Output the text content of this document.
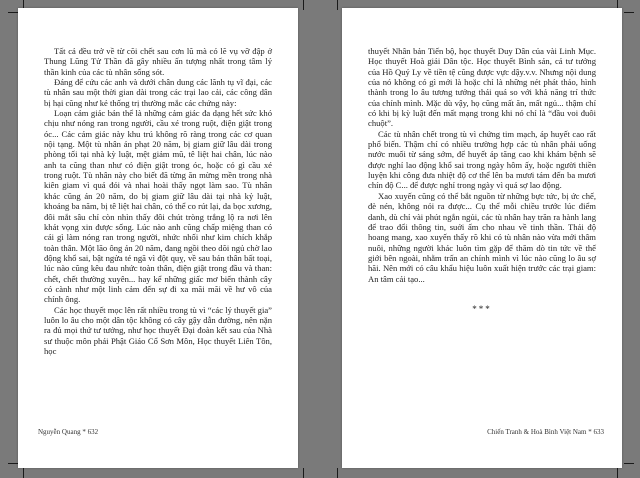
Tất cả đều trở về từ cõi chết sau cơn lũ mà có lẽ vụ vỡ đập ở Thung Lũng Tử Thần đã gây nhiều ấn tượng nhất trong tâm lý thần kinh của các tù nhân sống sót.

Đáng để cứu các anh và dưới chân dung các lãnh tụ vĩ đại, các tù nhân sau một thời gian dài trong các trại lao cải, các công dân bị hại cũng như kẻ thống trị thường mắc các chứng này:

Loạn cảm giác bản thể là những cảm giác đa dạng hết sức khó chịu như nóng ran trong người, cầu xé trong ruột, điện giật trong óc... Các cảm giác này khu trú không rõ ràng trong các cơ quan nội tạng. Một tù nhân án phạt 20 năm, bị giam giữ lâu dài trong phòng tối tại nhà kỳ luật, mệt giảm mũ, tê liệt hai chân, lúc nào anh ta cũng than như có điện giật trong óc, hoặc có gì cầu xé trong ruột. Tù nhân này cho biết đã từng ăn mừng mền trong nhà kiên giam vì quá đói và nhai hoài thấy ngọt làm sao. Tù nhân khác cũng án 20 năm, do bị giam giữ lâu dài tại nhà kỷ luật, khoảng ba năm, bị tê liệt hai chân, có thể co rút lại, da bọc xương, đôi mắt sâu chỉ còn nhìn thấy đôi chút tròng trắng lộ ra nơi lên khát vọng xin được sống. Lúc nào anh cũng chấp miệng than có cái gì làm nóng ran trong người, nhức nhối như kim chích khắp toàn thân. Một lão ông án 20 năm, đang ngồi theo dõi ngủ chờ lao động khổ sai, bật ngửa té ngã vì đột quỵ, về sau bán thân bất toại, lúc nào cũng kêu đau nhức toàn thân, điện giật trong đầu và than: chết, chết thường xuyên... hay kể những giấc mơ biến thành cây có cành như một linh cảm đến sự đi xa mãi mãi về hư vô của chính ông.

Các học thuyết mọc lên rất nhiều trong tù vì “các lý thuyết gia” luôn lo âu cho một dân tộc không có cây gậy dẫn đường, nên nặn ra đủ mọi thứ tư tưởng, như học thuyết Đại đoàn kết sau của Nhà sư thuộc môn phái Phật Giáo Cổ Sơn Môn, Học thuyết Liên Tôn, học

Nguyễn Quang * 632

thuyết Nhân bản Tiến bộ, học thuyết Duy Dân của vài Linh Mục. Học thuyết Hoà giải Dân tộc. Học thuyết Bình sản, cả tư tưởng của Hồ Quý Ly về tiền tệ cũng được vực dậy.v.v. Nhưng nội dung của nó không có gì mới là hoặc chỉ là những nét phát thảo, hình thành trong lo âu tương tưởng thái quá so với khả năng trí thức của chính mình. Mặc dù vậy, họ cũng mất ăn, mất ngủ... thậm chí có khi bị kỳ luật đến mất mạng trong khi nó chỉ là “đầu voi đuôi chuột”.

Các tù nhân chết trong tù vì chứng tim mạch, áp huyết cao rất phổ biến. Thậm chí có nhiều trường hợp các tù nhân phải uống nước muối từ sáng sớm, để huyết áp tăng cao khi khám bệnh sẽ được nghỉ lao động khổ sai trong ngày hôm ấy, hoặc người thiền luyện khi công đưa nhiệt độ cơ thể lên ba mươi tám đến ba mươi chín độ C... để được nghỉ trong ngày vì quá sợ lao động.

Xao xuyến cũng có thể bắt nguồn từ những bực tức, bị ức chế, đè nén, không nói ra được... Cụ thể mỗi chiều trước lúc điểm danh, dù chỉ vài phút ngắn ngủi, các tù nhân hay trăn ra hành lang để trao đổi thông tin, suởi ấm cho nhau về tinh thần. Thái độ hoang mang, xao xuyến thấy rõ khi có tù nhân nào vừa mới thâm nuôi, những người khác luôn tìm gặp để thăm dò tin tức về thế giới bên ngoài, nhằm trấn an chính mình vì lúc nào cũng lo âu sợ hãi. Nên mới có câu khẩu hiệu luôn xuất hiện trước các trại giam: An tâm cải tạo...

***
Chiến Tranh & Hoà Bình Việt Nam * 633
